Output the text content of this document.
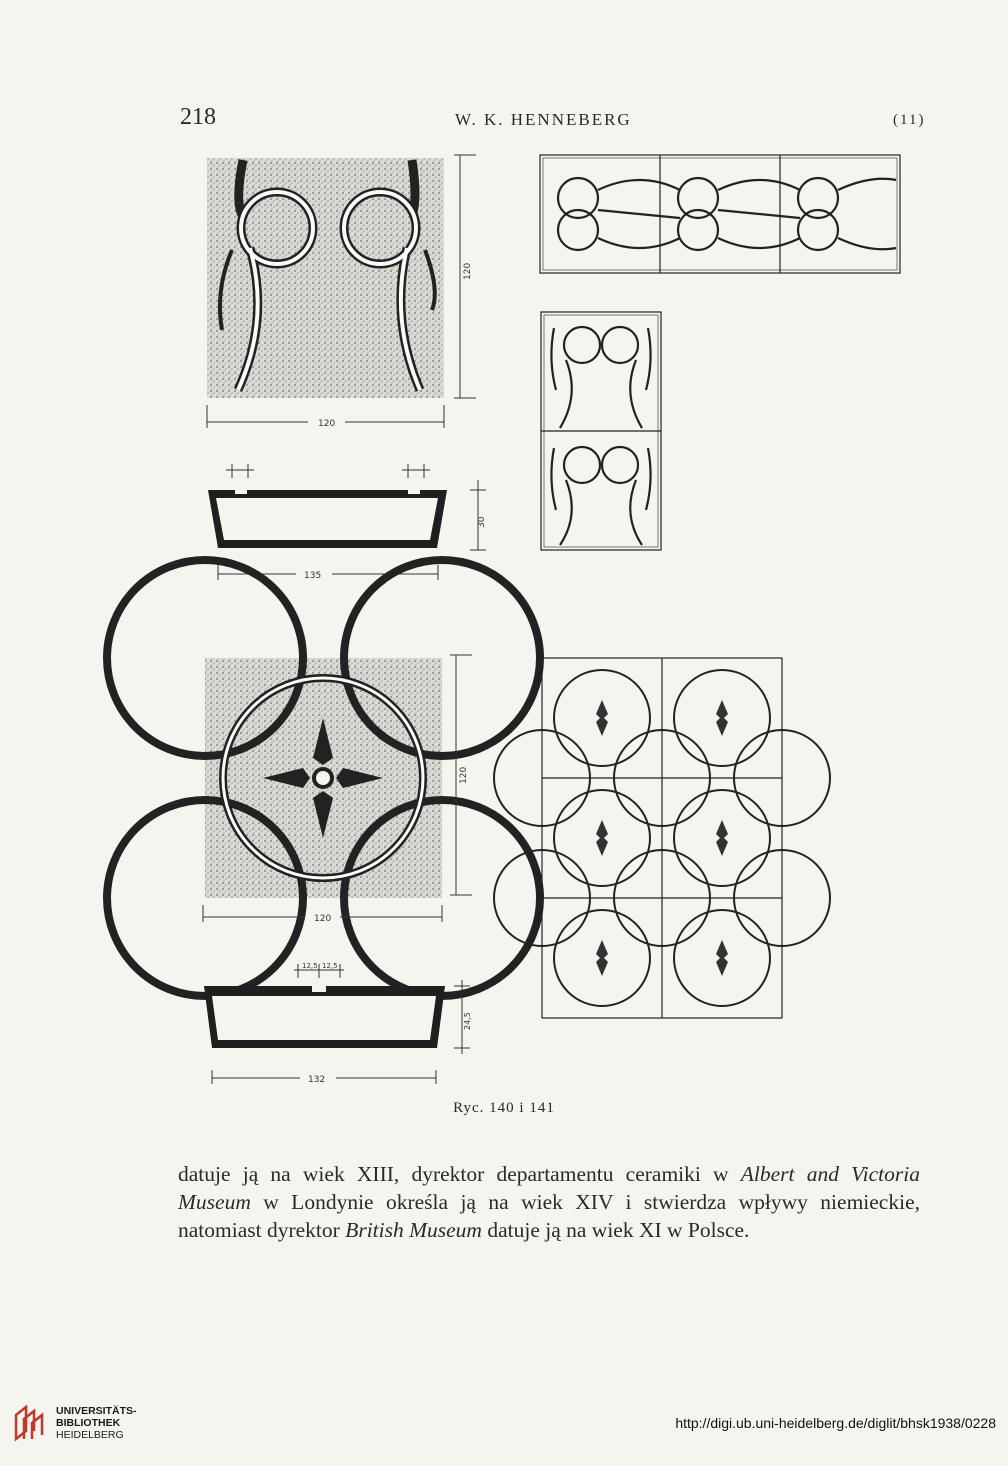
218	W. K. HENNEBERG	(11)
120
120
135
30
120
120
12,5 12,5
132
24,5
Ryc. 140 i 141
datuje ją na wiek XIII, dyrektor departamentu ceramiki w Albert and Victoria Museum w Londynie określa ją na wiek XIV i stwierdza wpływy niemieckie, natomiast dyrektor British Museum datuje ją na wiek XI w Polsce.
UNIVERSITÄTS-
BIBLIOTHEK
HEIDELBERG
http://digi.ub.uni-heidelberg.de/diglit/bhsk1938/0228
